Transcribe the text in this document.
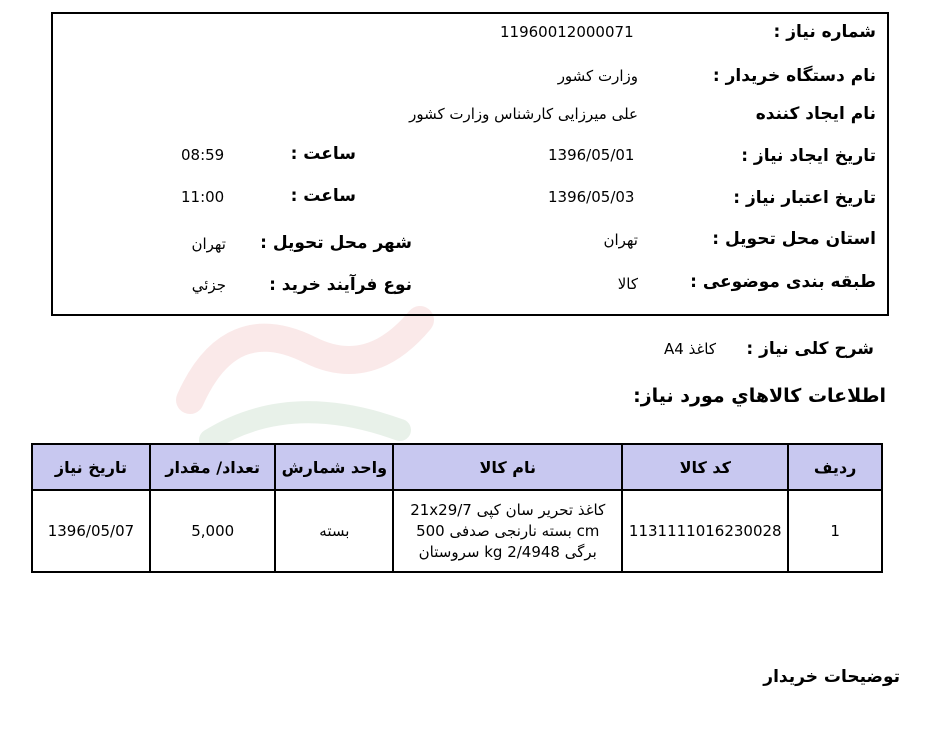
شماره نياز :
11960012000071
نام دستگاه خريدار :
وزارت کشور
نام ايجاد کننده
علی ميرزايی کارشناس وزارت کشور
تاريخ ايجاد نياز :
1396/05/01
ساعت :
08:59
تاريخ اعتبار نياز :
1396/05/03
ساعت :
11:00
استان محل تحويل :
تهران
شهر محل تحويل :
تهران
طبقه بندی موضوعی :
کالا
نوع فرآيند خريد :
جزئي
شرح کلی نياز :
کاغذ A4
اطلاعات کالاهاي مورد نياز:
رديف	کد کالا	نام کالا	واحد شمارش	تعداد/ مقدار	تاريخ نياز
1	1131111016230028	کاغذ تحرير سان کپی 21x29/7 cm بسته نارنجی صدفی 500 برگی 2/4948 kg سروستان	بسته	5,000	1396/05/07
توضيحات خريدار
